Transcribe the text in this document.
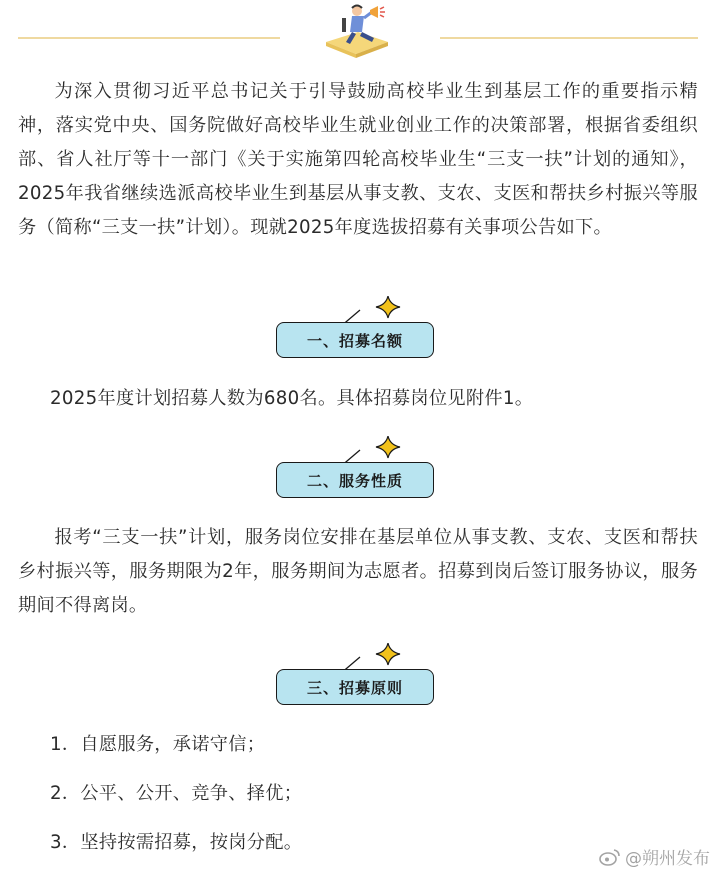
为深入贯彻习近平总书记关于引导鼓励高校毕业生到基层工作的重要指示精神，落实党中央、国务院做好高校毕业生就业创业工作的决策部署，根据省委组织部、省人社厅等十一部门《关于实施第四轮高校毕业生“三支一扶”计划的通知》，2025年我省继续选派高校毕业生到基层从事支教、支农、支医和帮扶乡村振兴等服务（简称“三支一扶”计划）。现就2025年度选拔招募有关事项公告如下。

一、招募名额

2025年度计划招募人数为680名。具体招募岗位见附件1。

二、服务性质

报考“三支一扶”计划，服务岗位安排在基层单位从事支教、支农、支医和帮扶乡村振兴等，服务期限为2年，服务期间为志愿者。招募到岗后签订服务协议，服务期间不得离岗。

三、招募原则
1．自愿服务，承诺守信；
2．公平、公开、竞争、择优；
3．坚持按需招募，按岗分配。
@朔州发布
